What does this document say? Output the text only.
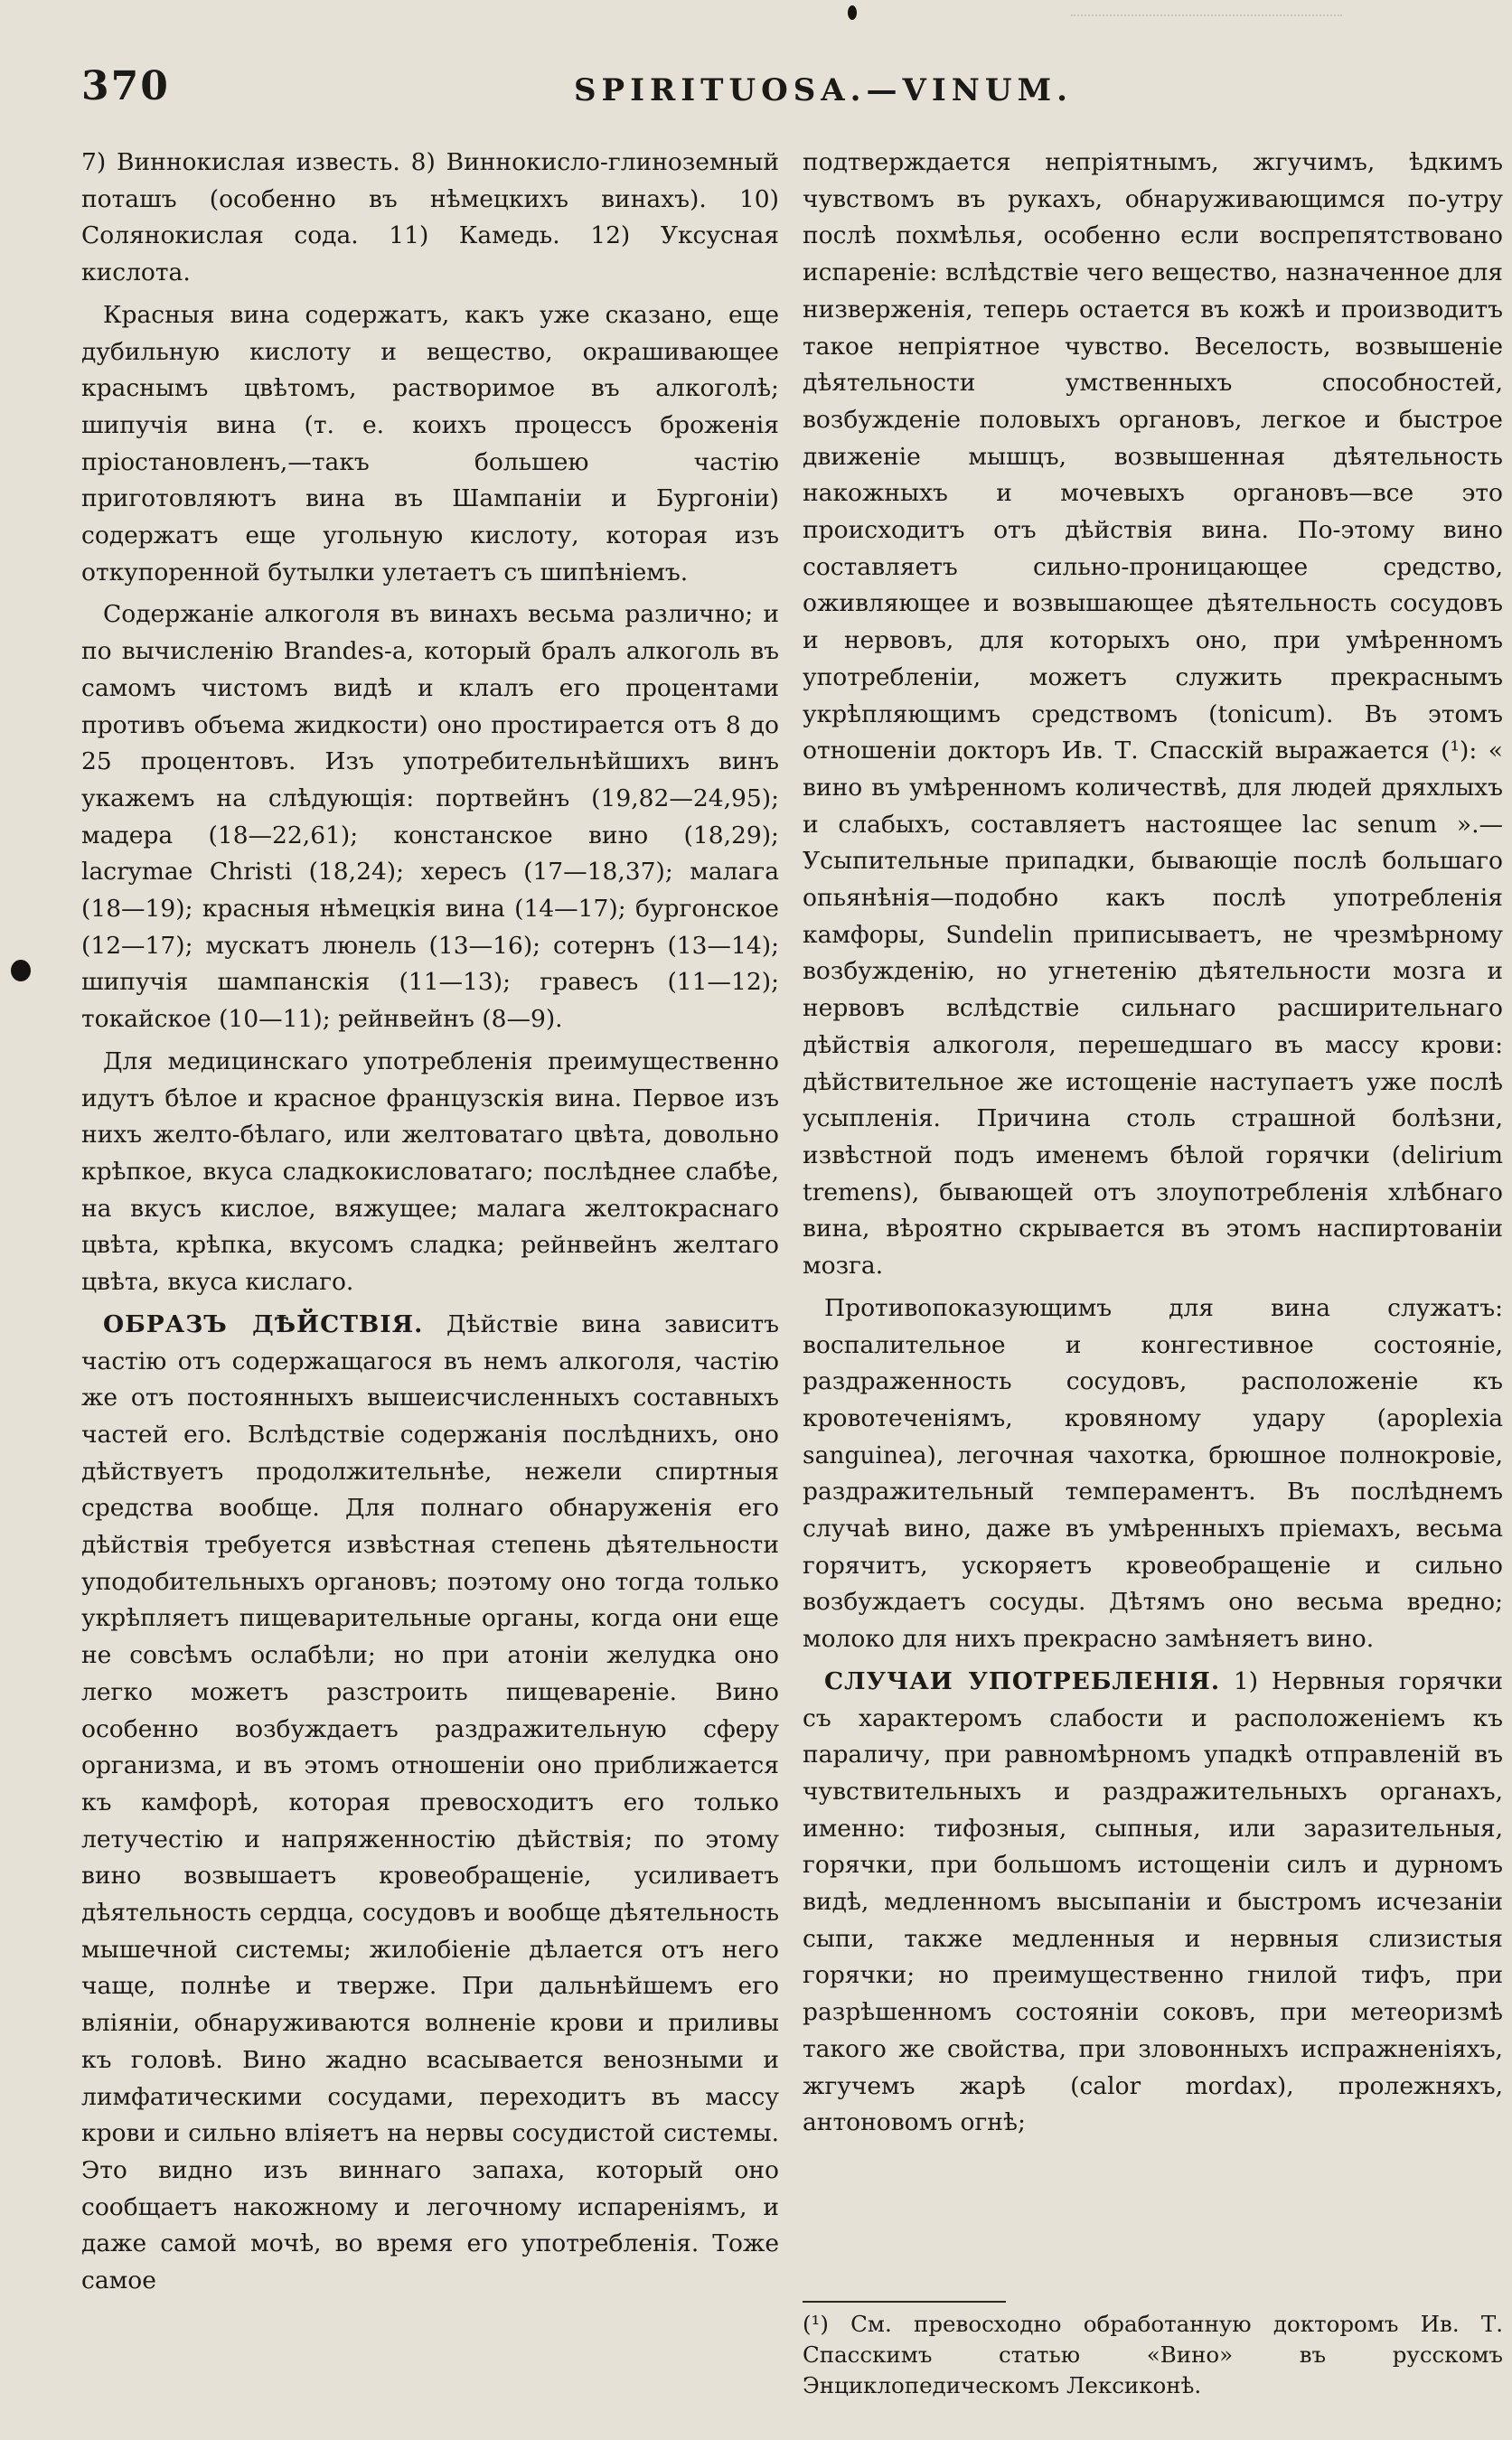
370	SPIRITUOSA.—VINUM.

7) Виннокислая известь. 8) Виннокисло-глиноземный поташъ (особенно въ нѣмецкихъ винахъ). 10) Солянокислая сода. 11) Камедь. 12) Уксусная кислота.

Красныя вина содержатъ, какъ уже сказано, еще дубильную кислоту и вещество, окрашивающее краснымъ цвѣтомъ, растворимое въ алкоголѣ; шипучія вина (т. е. коихъ процессъ броженія пріостановленъ,—такъ большею частію приготовляютъ вина въ Шампаніи и Бургоніи) содержатъ еще угольную кислоту, которая изъ откупоренной бутылки улетаетъ съ шипѣніемъ.

Содержаніе алкоголя въ винахъ весьма различно; и по вычисленію Brandes-а, который бралъ алкоголь въ самомъ чистомъ видѣ и клалъ его процентами противъ объема жидкости) оно простирается отъ 8 до 25 процентовъ. Изъ употребительнѣйшихъ винъ укажемъ на слѣдующія: портвейнъ (19,82—24,95); мадера (18—22,61); констанское вино (18,29); lacrymae Christi (18,24); хересъ (17—18,37); малага (18—19); красныя нѣмецкія вина (14—17); бургонское (12—17); мускатъ люнель (13—16); сотернъ (13—14); шипучія шампанскія (11—13); гравесъ (11—12); токайское (10—11); рейнвейнъ (8—9).

Для медицинскаго употребленія преимущественно идутъ бѣлое и красное французскія вина. Первое изъ нихъ желто-бѣлаго, или желтоватаго цвѣта, довольно крѣпкое, вкуса сладкокисловатаго; послѣднее слабѣе, на вкусъ кислое, вяжущее; малага желтокраснаго цвѣта, крѣпка, вкусомъ сладка; рейнвейнъ желтаго цвѣта, вкуса кислаго.

ОБРАЗЪ ДѢЙСТВІЯ. Дѣйствіе вина зависитъ частію отъ содержащагося въ немъ алкоголя, частію же отъ постоянныхъ вышеисчисленныхъ составныхъ частей его. Вслѣдствіе содержанія послѣднихъ, оно дѣйствуетъ продолжительнѣе, нежели спиртныя средства вообще. Для полнаго обнаруженія его дѣйствія требуется извѣстная степень дѣятельности уподобительныхъ органовъ; поэтому оно тогда только укрѣпляетъ пищеварительные органы, когда они еще не совсѣмъ ослабѣли; но при атоніи желудка оно легко можетъ разстроить пищевареніе. Вино особенно возбуждаетъ раздражительную сферу организма, и въ этомъ отношеніи оно приближается къ камфорѣ, которая превосходитъ его только летучестію и напряженностію дѣйствія; по этому вино возвышаетъ кровеобращеніе, усиливаетъ дѣятельность сердца, сосудовъ и вообще дѣятельность мышечной системы; жилобіеніе дѣлается отъ него чаще, полнѣе и тверже. При дальнѣйшемъ его вліяніи, обнаруживаются волненіе крови и приливы къ головѣ. Вино жадно всасывается венозными и лимфатическими сосудами, переходитъ въ массу крови и сильно вліяетъ на нервы сосудистой системы. Это видно изъ виннаго запаха, который оно сообщаетъ накожному и легочному испареніямъ, и даже самой мочѣ, во время его употребленія. Тоже самое

подтверждается непріятнымъ, жгучимъ, ѣдкимъ чувствомъ въ рукахъ, обнаруживающимся по-утру послѣ похмѣлья, особенно если воспрепятствовано испареніе: вслѣдствіе чего вещество, назначенное для низверженія, теперь остается въ кожѣ и производитъ такое непріятное чувство. Веселость, возвышеніе дѣятельности умственныхъ способностей, возбужденіе половыхъ органовъ, легкое и быстрое движеніе мышцъ, возвышенная дѣятельность накожныхъ и мочевыхъ органовъ—все это происходитъ отъ дѣйствія вина. По-этому вино составляетъ сильно-проницающее средство, оживляющее и возвышающее дѣятельность сосудовъ и нервовъ, для которыхъ оно, при умѣренномъ употребленіи, можетъ служить прекраснымъ укрѣпляющимъ средствомъ (tonicum). Въ этомъ отношеніи докторъ Ив. Т. Спасскій выражается (¹): « вино въ умѣренномъ количествѣ, для людей дряхлыхъ и слабыхъ, составляетъ настоящее lac senum ».—Усыпительные припадки, бывающіе послѣ большаго опьянѣнія—подобно какъ послѣ употребленія камфоры, Sundelin приписываетъ, не чрезмѣрному возбужденію, но угнетенію дѣятельности мозга и нервовъ вслѣдствіе сильнаго расширительнаго дѣйствія алкоголя, перешедшаго въ массу крови: дѣйствительное же истощеніе наступаетъ уже послѣ усыпленія. Причина столь страшной болѣзни, извѣстной подъ именемъ бѣлой горячки (delirium tremens), бывающей отъ злоупотребленія хлѣбнаго вина, вѣроятно скрывается въ этомъ наспиртованіи мозга.

Противопоказующимъ для вина служатъ: воспалительное и конгестивное состояніе, раздраженность сосудовъ, расположеніе къ кровотеченіямъ, кровяному удару (apoplexia sanguinea), легочная чахотка, брюшное полнокровіе, раздражительный темпераментъ. Въ послѣднемъ случаѣ вино, даже въ умѣренныхъ пріемахъ, весьма горячитъ, ускоряетъ кровеобращеніе и сильно возбуждаетъ сосуды. Дѣтямъ оно весьма вредно; молоко для нихъ прекрасно замѣняетъ вино.

СЛУЧАИ УПОТРЕБЛЕНІЯ. 1) Нервныя горячки съ характеромъ слабости и расположеніемъ къ параличу, при равномѣрномъ упадкѣ отправленій въ чувствительныхъ и раздражительныхъ органахъ, именно: тифозныя, сыпныя, или заразительныя, горячки, при большомъ истощеніи силъ и дурномъ видѣ, медленномъ высыпаніи и быстромъ исчезаніи сыпи, также медленныя и нервныя слизистыя горячки; но преимущественно гнилой тифъ, при разрѣшенномъ состояніи соковъ, при метеоризмѣ такого же свойства, при зловонныхъ испражненіяхъ, жгучемъ жарѣ (calor mordax), пролежняхъ, антоновомъ огнѣ;

(¹) См. превосходно обработанную докторомъ Ив. Т. Спасскимъ статью «Вино» въ русскомъ Энциклопедическомъ Лексиконѣ.
